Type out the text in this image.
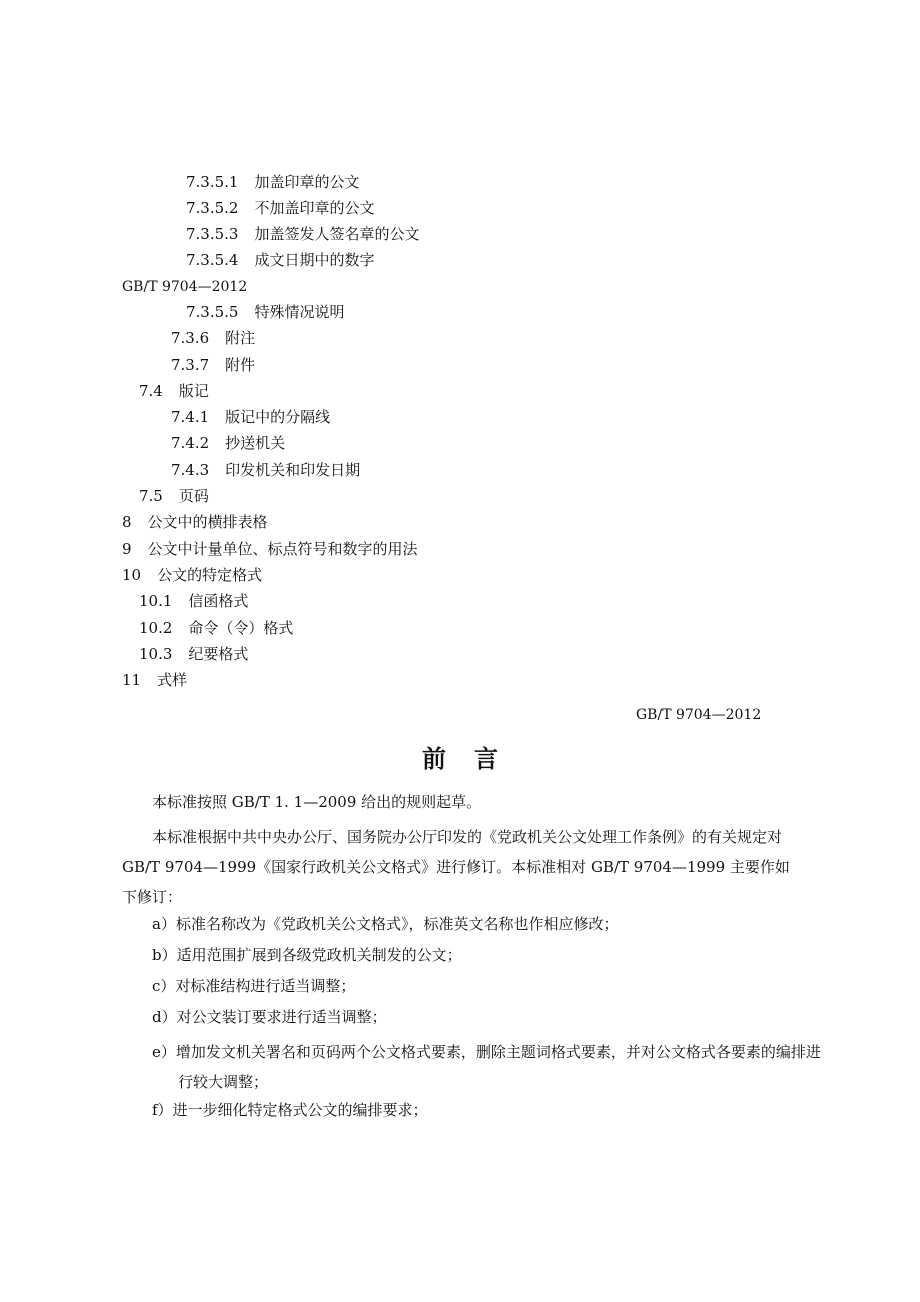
7.3.5.1 加盖印章的公文
7.3.5.2 不加盖印章的公文
7.3.5.3 加盖签发人签名章的公文
7.3.5.4 成文日期中的数字
GB/T 9704—2012
7.3.5.5 特殊情况说明
7.3.6 附注
7.3.7 附件
7.4 版记
7.4.1 版记中的分隔线
7.4.2 抄送机关
7.4.3 印发机关和印发日期
7.5 页码
8 公文中的横排表格
9 公文中计量单位、标点符号和数字的用法
10 公文的特定格式
10.1 信函格式
10.2 命令（令）格式
10.3 纪要格式
11 式样
GB/T 9704—2012
前言
本标准按照 GB/T 1. 1—2009 给出的规则起草。
本标准根据中共中央办公厅、国务院办公厅印发的《党政机关公文处理工作条例》的有关规定对 GB/T 9704—1999《国家行政机关公文格式》进行修订。本标准相对 GB/T 9704—1999 主要作如下修订：
a）标准名称改为《党政机关公文格式》，标准英文名称也作相应修改；
b）适用范围扩展到各级党政机关制发的公文；
c）对标准结构进行适当调整；
d）对公文装订要求进行适当调整；
e）增加发文机关署名和页码两个公文格式要素，删除主题词格式要素，并对公文格式各要素的编排进行较大调整；
f）进一步细化特定格式公文的编排要求；
